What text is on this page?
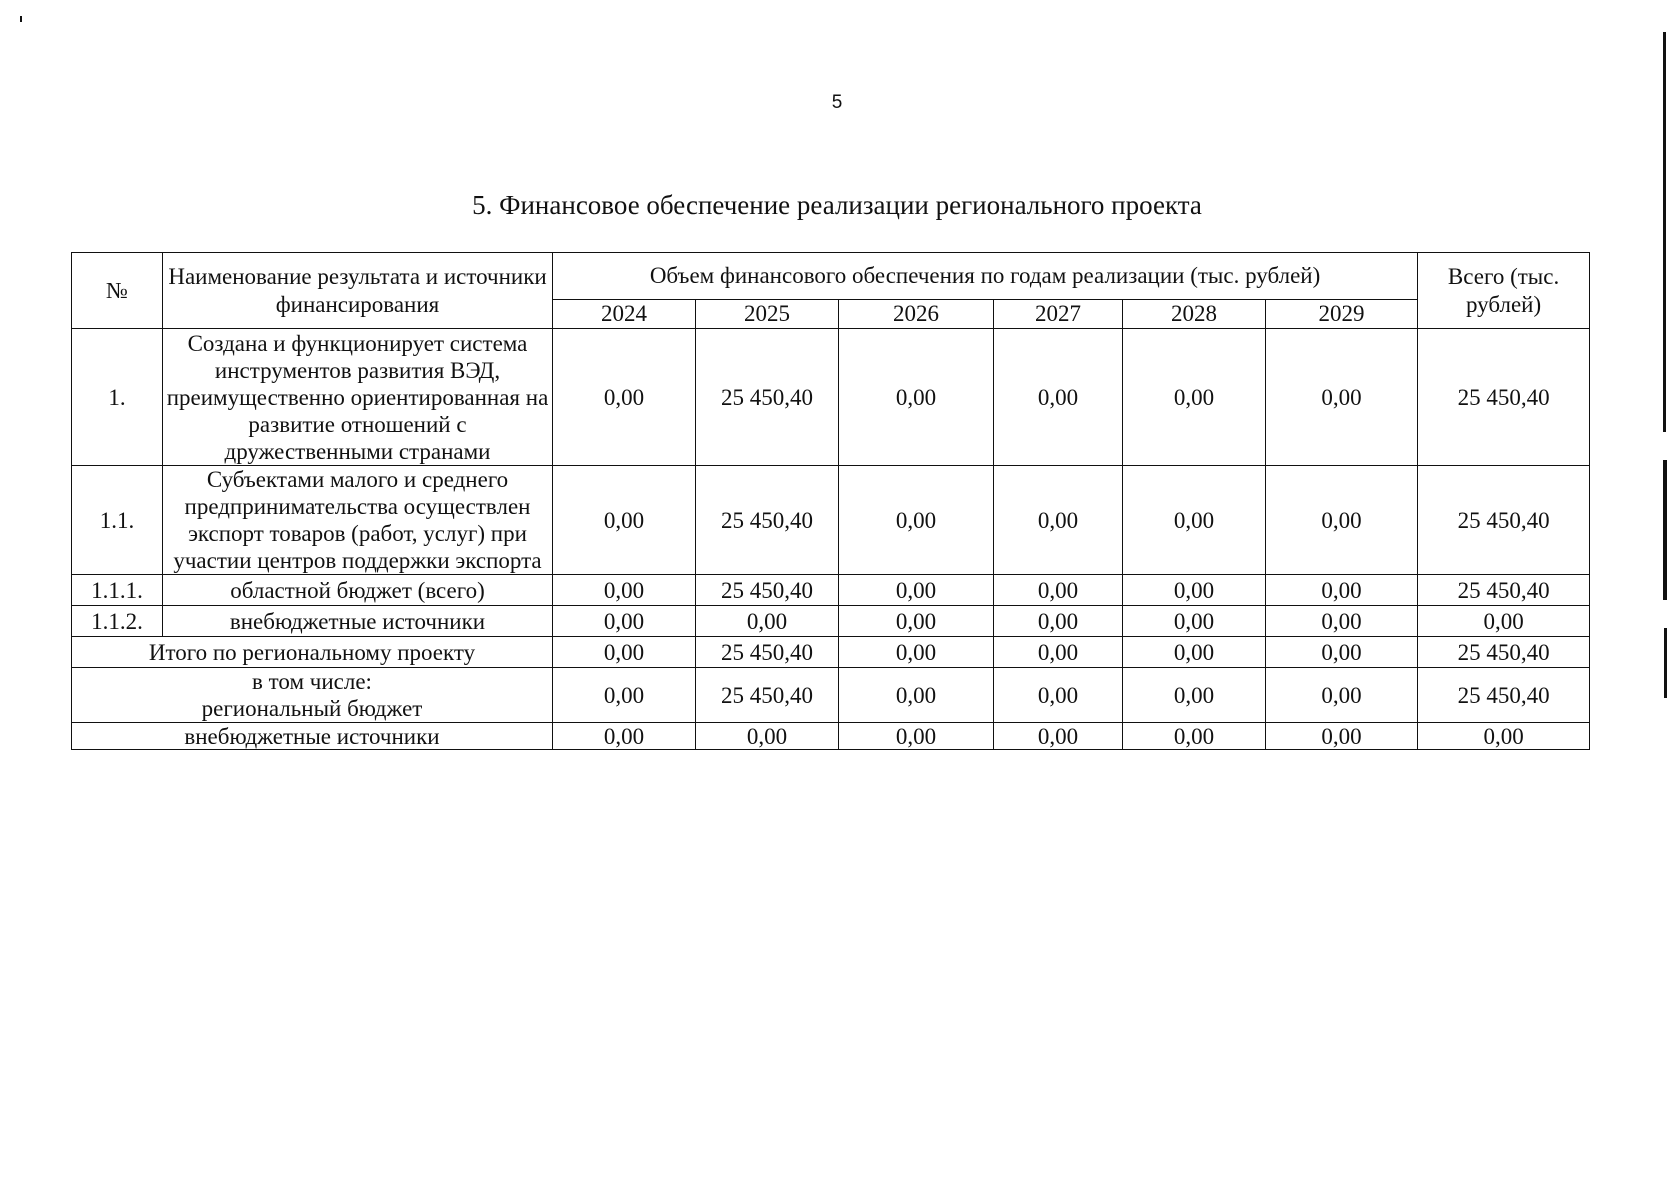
5
5. Финансовое обеспечение реализации регионального проекта
№	Наименование результата и источники финансирования	Объем финансового обеспечения по годам реализации (тыс. рублей)						Всего (тыс. рублей)
		2024	2025	2026	2027	2028	2029	
1.	Создана и функционирует система инструментов развития ВЭД, преимущественно ориентированная на развитие отношений с дружественными странами	0,00	25 450,40	0,00	0,00	0,00	0,00	25 450,40
1.1.	Субъектами малого и среднего предпринимательства осуществлен экспорт товаров (работ, услуг) при участии центров поддержки экспорта	0,00	25 450,40	0,00	0,00	0,00	0,00	25 450,40
1.1.1.	областной бюджет (всего)	0,00	25 450,40	0,00	0,00	0,00	0,00	25 450,40
1.1.2.	внебюджетные источники	0,00	0,00	0,00	0,00	0,00	0,00	0,00
Итого по региональному проекту		0,00	25 450,40	0,00	0,00	0,00	0,00	25 450,40

в том числе:
региональный бюджет		0,00	25 450,40	0,00	0,00	0,00	0,00	25 450,40
внебюджетные источники		0,00	0,00	0,00	0,00	0,00	0,00	0,00
